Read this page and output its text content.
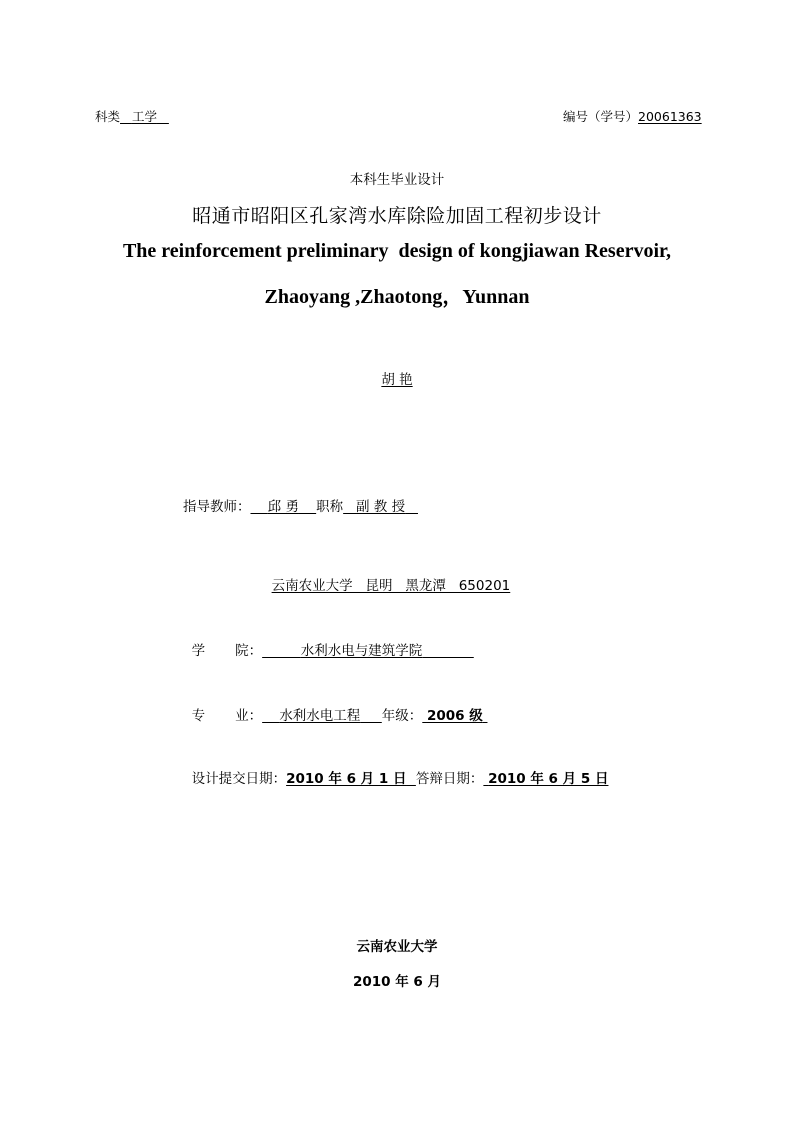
科类 工学	编号（学号）20061363
本科生毕业设计
昭通市昭阳区孔家湾水库除险加固工程初步设计
The reinforcement preliminary  design of kongjiawan Reservoir,
Zhaoyang ,Zhaotong，Yunnan
胡 艳
指导教师： 邱 勇 职称 副 教 授

云南农业大学   昆明   黑龙潭   650201

学       院：	水利水电与建筑学院

专       业： 水利水电工程 年级： 2006 级

设计提交日期：2010 年 6 月 1 日 答辩日期： 2010 年 6 月 5 日

云南农业大学
2010 年 6 月
